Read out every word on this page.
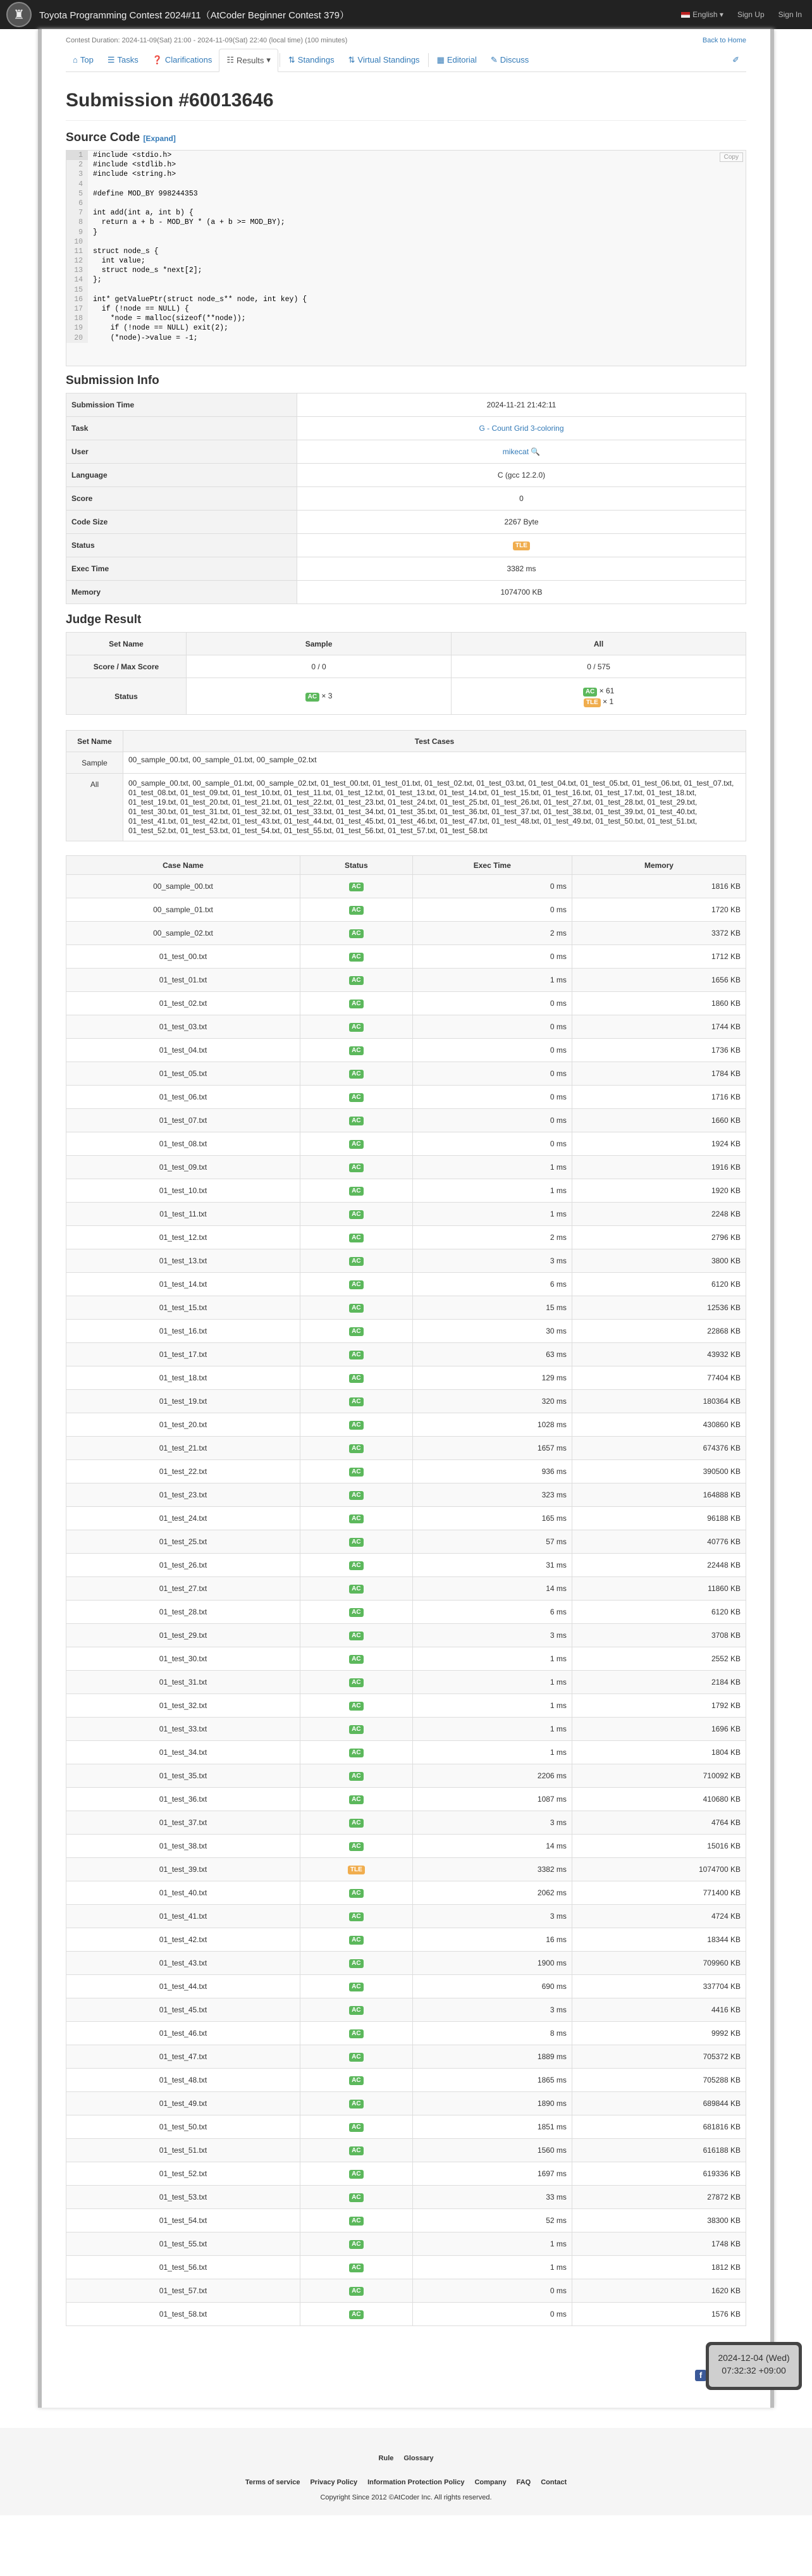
♜	Toyota Programming Contest 2024#11（AtCoder Beginner Contest 379）	English ▾ Sign Up Sign In
Contest Duration: 2024-11-09(Sat) 21:00 - 2024-11-09(Sat) 22:40 (local time) (100 minutes)	Back to Home
⌂ Top ☰ Tasks ❓ Clarifications ☷ Results ▾ ⇅ Standings ⇅ Virtual Standings ▦ Editorial ✎ Discuss	✐
Submission #60013646
Source Code [Expand]
1	#include <stdio.h>
2	#include <stdlib.h>
3	#include <string.h>
4
5	#define MOD_BY 998244353
6
7	int add(int a, int b) {
8	return a + b - MOD_BY * (a + b >= MOD_BY);
9	}
10
11	struct node_s {
12	int value;
13	struct node_s *next[2];
14	};
15
16	int* getValuePtr(struct node_s** node, int key) {
17	if (!node == NULL) {
18	*node = malloc(sizeof(**node));
19	if (!node == NULL) exit(2);
20	(*node)->value = -1;
Copy
Submission Info
Submission Time	2024-11-21 21:42:11
Task	G - Count Grid 3-coloring
User	mikecat 🔍
Language	C (gcc 12.2.0)
Score	0
Code Size	2267 Byte
Status	TLE
Exec Time	3382 ms
Memory	1074700 KB
Judge Result
Set Name	Sample	All
Score / Max Score	0 / 0	0 / 575
Status	AC × 3	AC × 61
TLE × 1
Set Name	Test Cases
Sample	00_sample_00.txt, 00_sample_01.txt, 00_sample_02.txt
All	00_sample_00.txt, 00_sample_01.txt, 00_sample_02.txt, 01_test_00.txt, 01_test_01.txt, 01_test_02.txt, 01_test_03.txt, 01_test_04.txt, 01_test_05.txt, 01_test_06.txt, 01_test_07.txt, 01_test_08.txt, 01_test_09.txt, 01_test_10.txt, 01_test_11.txt, 01_test_12.txt, 01_test_13.txt, 01_test_14.txt, 01_test_15.txt, 01_test_16.txt, 01_test_17.txt, 01_test_18.txt, 01_test_19.txt, 01_test_20.txt, 01_test_21.txt, 01_test_22.txt, 01_test_23.txt, 01_test_24.txt, 01_test_25.txt, 01_test_26.txt, 01_test_27.txt, 01_test_28.txt, 01_test_29.txt, 01_test_30.txt, 01_test_31.txt, 01_test_32.txt, 01_test_33.txt, 01_test_34.txt, 01_test_35.txt, 01_test_36.txt, 01_test_37.txt, 01_test_38.txt, 01_test_39.txt, 01_test_40.txt, 01_test_41.txt, 01_test_42.txt, 01_test_43.txt, 01_test_44.txt, 01_test_45.txt, 01_test_46.txt, 01_test_47.txt, 01_test_48.txt, 01_test_49.txt, 01_test_50.txt, 01_test_51.txt, 01_test_52.txt, 01_test_53.txt, 01_test_54.txt, 01_test_55.txt, 01_test_56.txt, 01_test_57.txt, 01_test_58.txt
Case Name	Status	Exec Time	Memory
00_sample_00.txt	AC	0 ms	1816 KB
00_sample_01.txt	AC	0 ms	1720 KB
00_sample_02.txt	AC	2 ms	3372 KB
01_test_00.txt	AC	0 ms	1712 KB
01_test_01.txt	AC	1 ms	1656 KB
01_test_02.txt	AC	0 ms	1860 KB
01_test_03.txt	AC	0 ms	1744 KB
01_test_04.txt	AC	0 ms	1736 KB
01_test_05.txt	AC	0 ms	1784 KB
01_test_06.txt	AC	0 ms	1716 KB
01_test_07.txt	AC	0 ms	1660 KB
01_test_08.txt	AC	0 ms	1924 KB
01_test_09.txt	AC	1 ms	1916 KB
01_test_10.txt	AC	1 ms	1920 KB
01_test_11.txt	AC	1 ms	2248 KB
01_test_12.txt	AC	2 ms	2796 KB
01_test_13.txt	AC	3 ms	3800 KB
01_test_14.txt	AC	6 ms	6120 KB
01_test_15.txt	AC	15 ms	12536 KB
01_test_16.txt	AC	30 ms	22868 KB
01_test_17.txt	AC	63 ms	43932 KB
01_test_18.txt	AC	129 ms	77404 KB
01_test_19.txt	AC	320 ms	180364 KB
01_test_20.txt	AC	1028 ms	430860 KB
01_test_21.txt	AC	1657 ms	674376 KB
01_test_22.txt	AC	936 ms	390500 KB
01_test_23.txt	AC	323 ms	164888 KB
01_test_24.txt	AC	165 ms	96188 KB
01_test_25.txt	AC	57 ms	40776 KB
01_test_26.txt	AC	31 ms	22448 KB
01_test_27.txt	AC	14 ms	11860 KB
01_test_28.txt	AC	6 ms	6120 KB
01_test_29.txt	AC	3 ms	3708 KB
01_test_30.txt	AC	1 ms	2552 KB
01_test_31.txt	AC	1 ms	2184 KB
01_test_32.txt	AC	1 ms	1792 KB
01_test_33.txt	AC	1 ms	1696 KB
01_test_34.txt	AC	1 ms	1804 KB
01_test_35.txt	AC	2206 ms	710092 KB
01_test_36.txt	AC	1087 ms	410680 KB
01_test_37.txt	AC	3 ms	4764 KB
01_test_38.txt	AC	14 ms	15016 KB
01_test_39.txt	TLE	3382 ms	1074700 KB
01_test_40.txt	AC	2062 ms	771400 KB
01_test_41.txt	AC	3 ms	4724 KB
01_test_42.txt	AC	16 ms	18344 KB
01_test_43.txt	AC	1900 ms	709960 KB
01_test_44.txt	AC	690 ms	337704 KB
01_test_45.txt	AC	3 ms	4416 KB
01_test_46.txt	AC	8 ms	9992 KB
01_test_47.txt	AC	1889 ms	705372 KB
01_test_48.txt	AC	1865 ms	705288 KB
01_test_49.txt	AC	1890 ms	689844 KB
01_test_50.txt	AC	1851 ms	681816 KB
01_test_51.txt	AC	1560 ms	616188 KB
01_test_52.txt	AC	1697 ms	619336 KB
01_test_53.txt	AC	33 ms	27872 KB
01_test_54.txt	AC	52 ms	38300 KB
01_test_55.txt	AC	1 ms	1748 KB
01_test_56.txt	AC	1 ms	1812 KB
01_test_57.txt	AC	0 ms	1620 KB
01_test_58.txt	AC	0 ms	1576 KB
f
2024-12-04 (Wed)
07:32:32 +09:00
Rule Glossary
Terms of service Privacy Policy Information Protection Policy Company FAQ Contact
Copyright Since 2012 ©AtCoder Inc. All rights reserved.
